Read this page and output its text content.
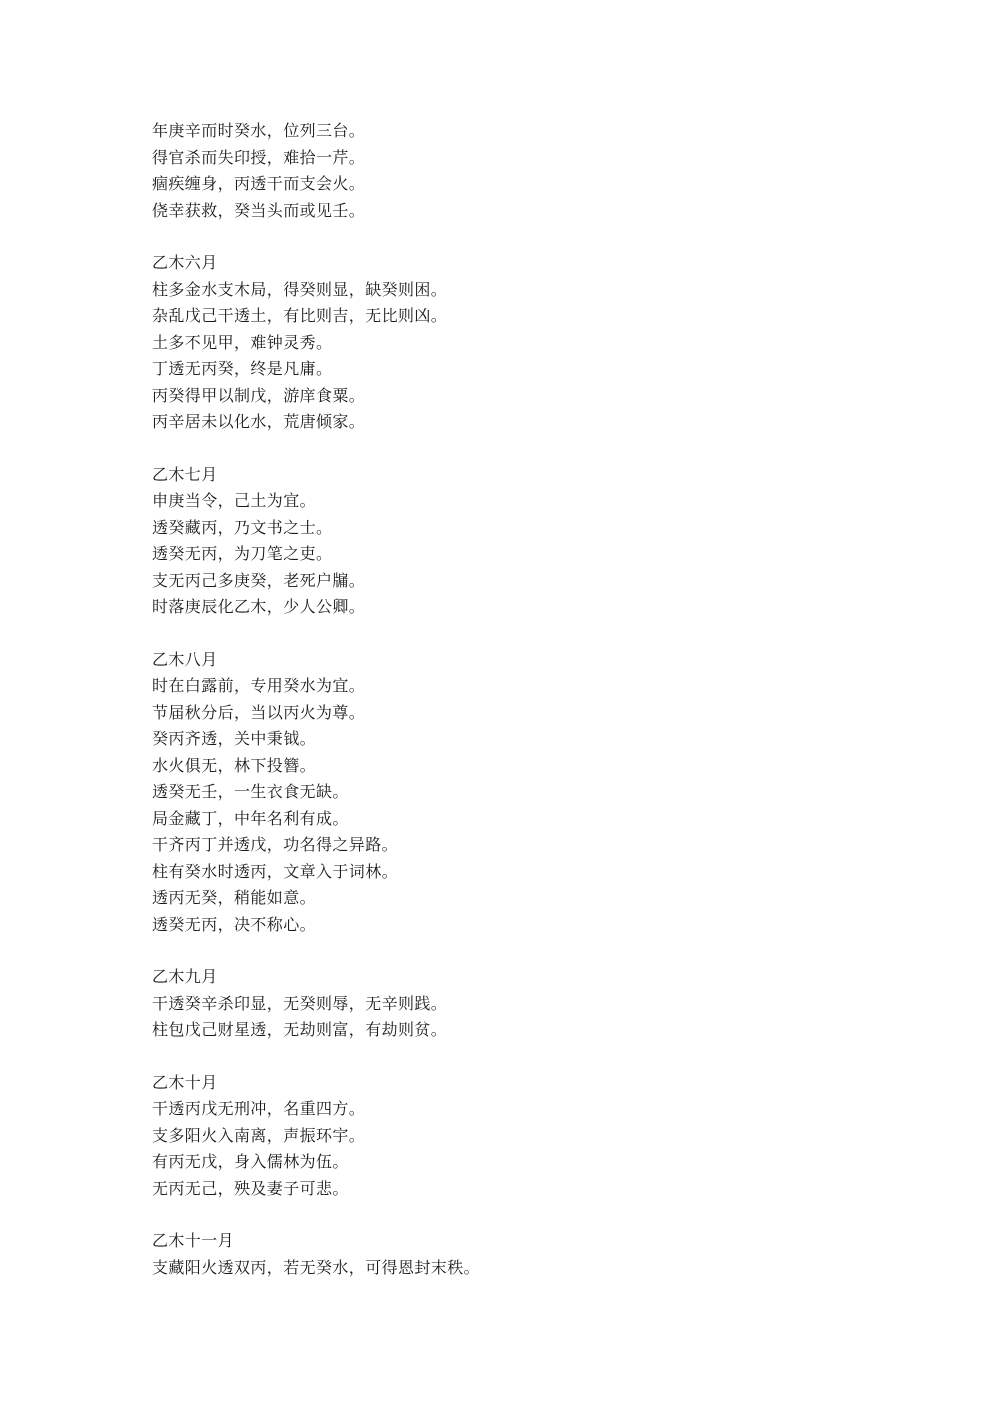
年庚辛而时癸水，位列三台。
得官杀而失印授，难拾一芹。
痼疾缠身，丙透干而支会火。
侥幸获救，癸当头而或见壬。
乙木六月
柱多金水支木局，得癸则显，缺癸则困。
杂乱戊己干透土，有比则吉，无比则凶。
土多不见甲，难钟灵秀。
丁透无丙癸，终是凡庸。
丙癸得甲以制戊，游庠食粟。
丙辛居未以化水，荒唐倾家。
乙木七月
申庚当令，己土为宜。
透癸藏丙，乃文书之士。
透癸无丙，为刀笔之吏。
支无丙己多庚癸，老死户牖。
时落庚辰化乙木，少人公卿。
乙木八月
时在白露前，专用癸水为宜。
节届秋分后，当以丙火为尊。
癸丙齐透，关中秉钺。
水火俱无，林下投簪。
透癸无壬，一生衣食无缺。
局金藏丁，中年名利有成。
干齐丙丁并透戊，功名得之异路。
柱有癸水时透丙，文章入于词林。
透丙无癸，稍能如意。
透癸无丙，决不称心。
乙木九月
干透癸辛杀印显，无癸则辱，无辛则践。
柱包戊己财星透，无劫则富，有劫则贫。
乙木十月
干透丙戊无刑冲，名重四方。
支多阳火入南离，声振环宇。
有丙无戊，身入儒林为伍。
无丙无己，殃及妻子可悲。
乙木十一月
支藏阳火透双丙，若无癸水，可得恩封末秩。
